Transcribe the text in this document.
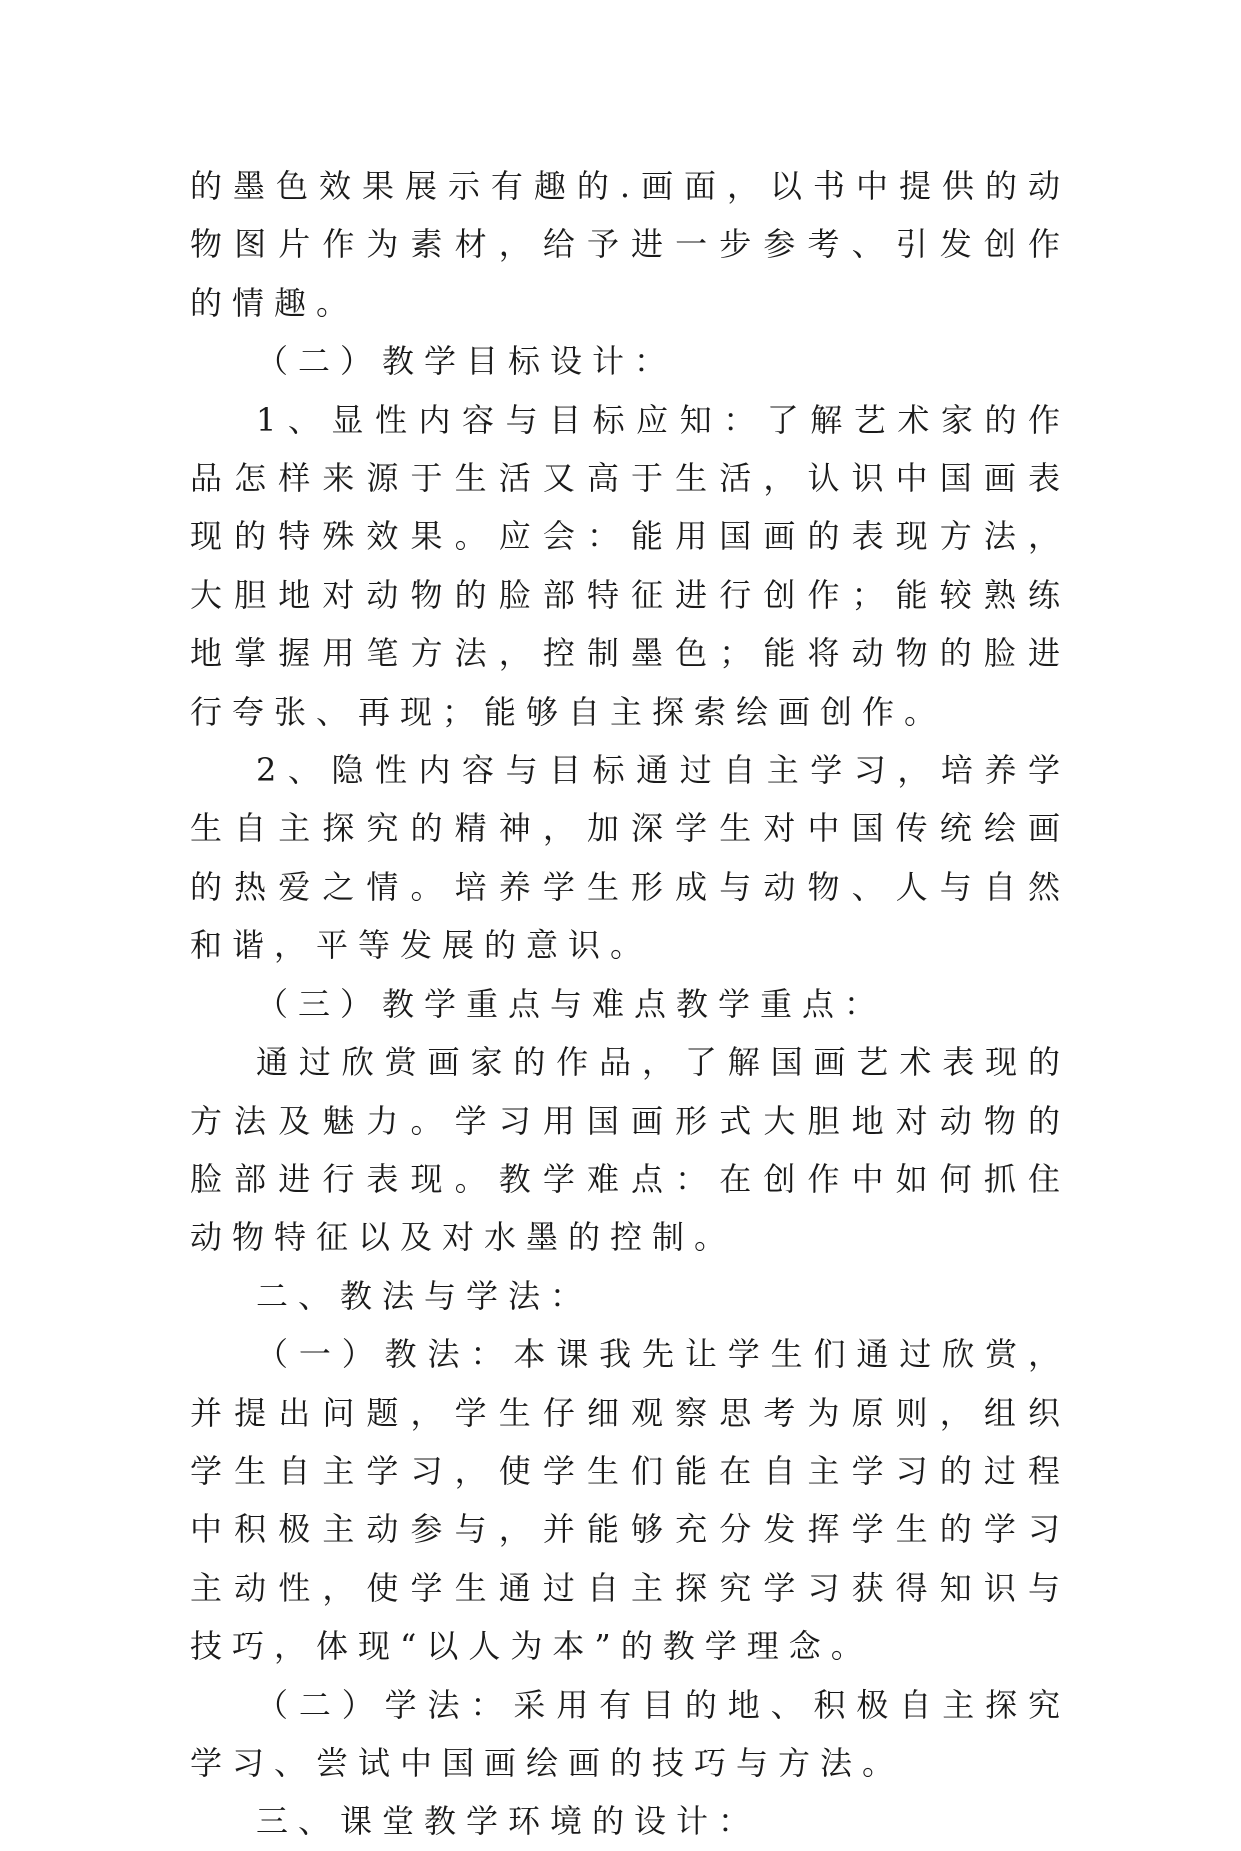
的墨色效果展示有趣的.画面，以书中提供的动物图片作为素材，给予进一步参考、引发创作的情趣。

（二）教学目标设计：

1、显性内容与目标应知：了解艺术家的作品怎样来源于生活又高于生活，认识中国画表现的特殊效果。应会：能用国画的表现方法，大胆地对动物的脸部特征进行创作；能较熟练地掌握用笔方法，控制墨色；能将动物的脸进行夸张、再现；能够自主探索绘画创作。

2、隐性内容与目标通过自主学习，培养学生自主探究的精神，加深学生对中国传统绘画的热爱之情。培养学生形成与动物、人与自然和谐，平等发展的意识。

（三）教学重点与难点教学重点：

通过欣赏画家的作品，了解国画艺术表现的方法及魅力。学习用国画形式大胆地对动物的脸部进行表现。教学难点：在创作中如何抓住动物特征以及对水墨的控制。

二、教法与学法：

（一）教法：本课我先让学生们通过欣赏，并提出问题，学生仔细观察思考为原则，组织学生自主学习，使学生们能在自主学习的过程中积极主动参与，并能够充分发挥学生的学习主动性，使学生通过自主探究学习获得知识与技巧，体现“以人为本”的教学理念。

（二）学法：采用有目的地、积极自主探究学习、尝试中国画绘画的技巧与方法。

三、课堂教学环境的设计：
